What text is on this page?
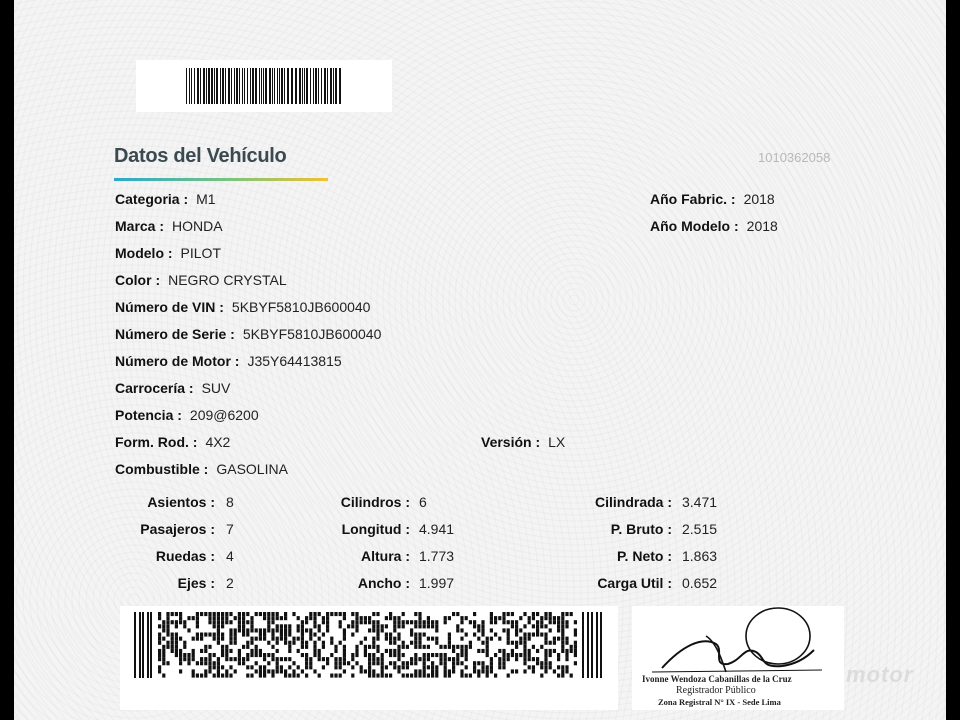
Datos del Vehículo	1010362058
Categoria : M1
Marca : HONDA
Modelo : PILOT
Color : NEGRO CRYSTAL
Número de VIN : 5KBYF5810JB600040
Número de Serie : 5KBYF5810JB600040
Número de Motor : J35Y64413815
Carrocería : SUV
Potencia : 209@6200
Form. Rod. : 4X2	Versión : LX
Combustible : GASOLINA
Año Fabric. : 2018
Año Modelo : 2018
Asientos : 8
Pasajeros : 7
Ruedas : 4
Ejes : 2
Cilindros : 6
Longitud : 4.941
Altura : 1.773
Ancho : 1.997
Cilindrada : 3.471
P. Bruto : 2.515
P. Neto : 1.863
Carga Util : 0.652
Ivonne Wendoza Cabanillas de la Cruz
Registrador Público
Zona Registral N° IX - Sede Lima
motor
